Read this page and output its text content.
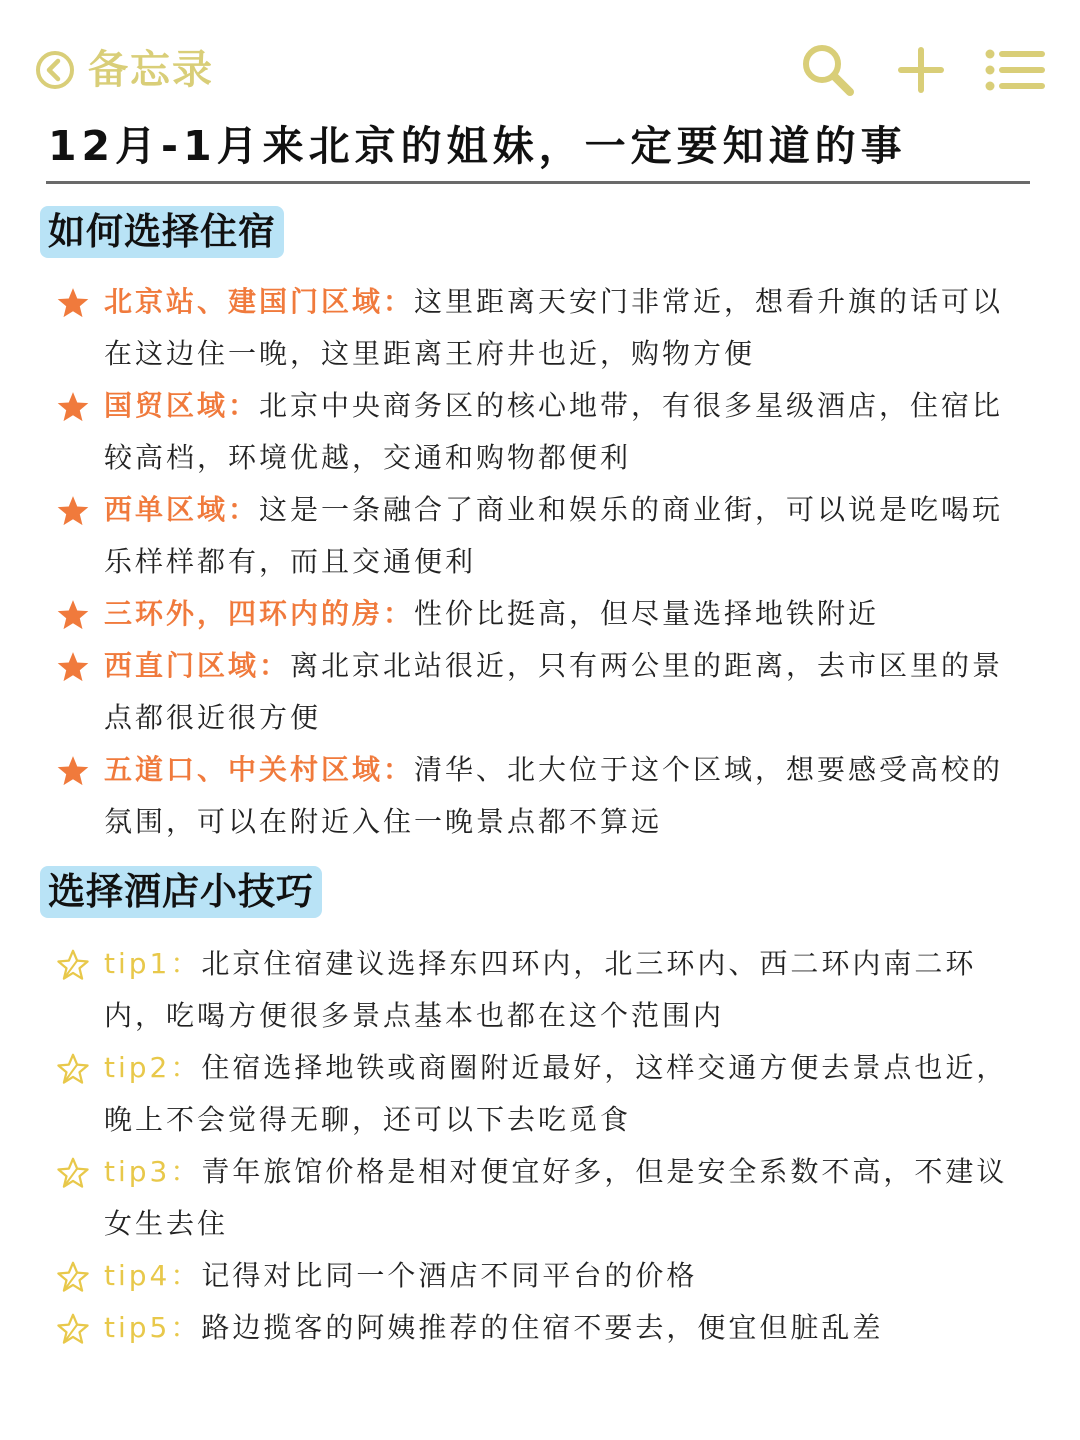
备忘录
12月-1月来北京的姐妹，一定要知道的事
如何选择住宿
北京站、建国门区域：这里距离天安门非常近，想看升旗的话可以在这边住一晚，这里距离王府井也近，购物方便
国贸区域：北京中央商务区的核心地带，有很多星级酒店，住宿比较高档，环境优越，交通和购物都便利
西单区域：这是一条融合了商业和娱乐的商业街，可以说是吃喝玩乐样样都有，而且交通便利
三环外，四环内的房：性价比挺高，但尽量选择地铁附近
西直门区域：离北京北站很近，只有两公里的距离，去市区里的景点都很近很方便
五道口、中关村区域：清华、北大位于这个区域，想要感受高校的氛围，可以在附近入住一晚景点都不算远
选择酒店小技巧
tip1：北京住宿建议选择东四环内，北三环内、西二环内南二环内，吃喝方便很多景点基本也都在这个范围内
tip2：住宿选择地铁或商圈附近最好，这样交通方便去景点也近，晚上不会觉得无聊，还可以下去吃觅食
tip3：青年旅馆价格是相对便宜好多，但是安全系数不高，不建议女生去住
tip4：记得对比同一个酒店不同平台的价格
tip5：路边揽客的阿姨推荐的住宿不要去，便宜但脏乱差
